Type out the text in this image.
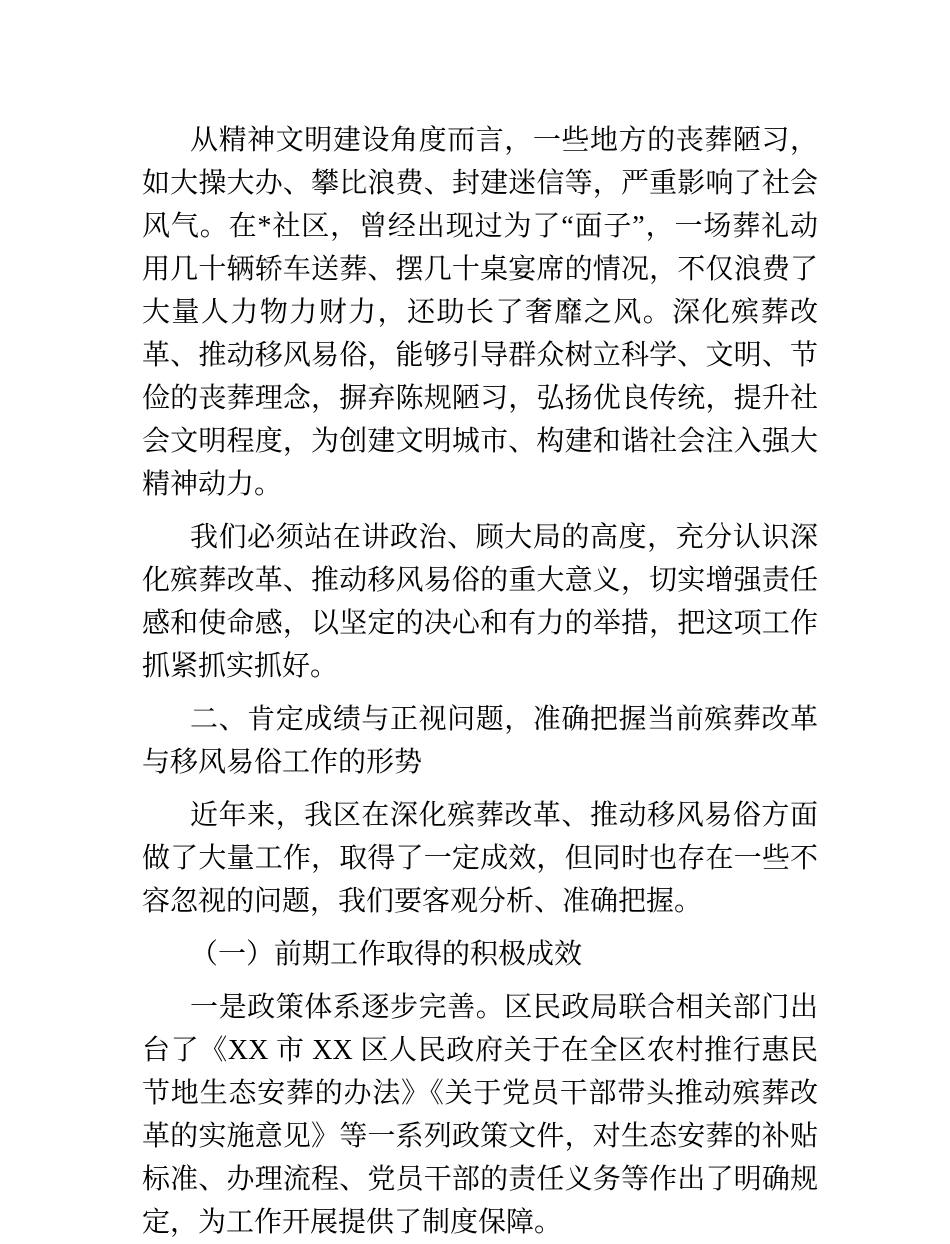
从精神文明建设角度而言，一些地方的丧葬陋习，如大操大办、攀比浪费、封建迷信等，严重影响了社会风气。在*社区，曾经出现过为了“面子”，一场葬礼动用几十辆轿车送葬、摆几十桌宴席的情况，不仅浪费了大量人力物力财力，还助长了奢靡之风。深化殡葬改革、推动移风易俗，能够引导群众树立科学、文明、节俭的丧葬理念，摒弃陈规陋习，弘扬优良传统，提升社会文明程度，为创建文明城市、构建和谐社会注入强大精神动力。

我们必须站在讲政治、顾大局的高度，充分认识深化殡葬改革、推动移风易俗的重大意义，切实增强责任感和使命感，以坚定的决心和有力的举措，把这项工作抓紧抓实抓好。

二、肯定成绩与正视问题，准确把握当前殡葬改革与移风易俗工作的形势

近年来，我区在深化殡葬改革、推动移风易俗方面做了大量工作，取得了一定成效，但同时也存在一些不容忽视的问题，我们要客观分析、准确把握。

（一）前期工作取得的积极成效

一是政策体系逐步完善。区民政局联合相关部门出台了《XX 市 XX 区人民政府关于在全区农村推行惠民节地生态安葬的办法》《关于党员干部带头推动殡葬改革的实施意见》等一系列政策文件，对生态安葬的补贴标准、办理流程、党员干部的责任义务等作出了明确规定，为工作开展提供了制度保障。
